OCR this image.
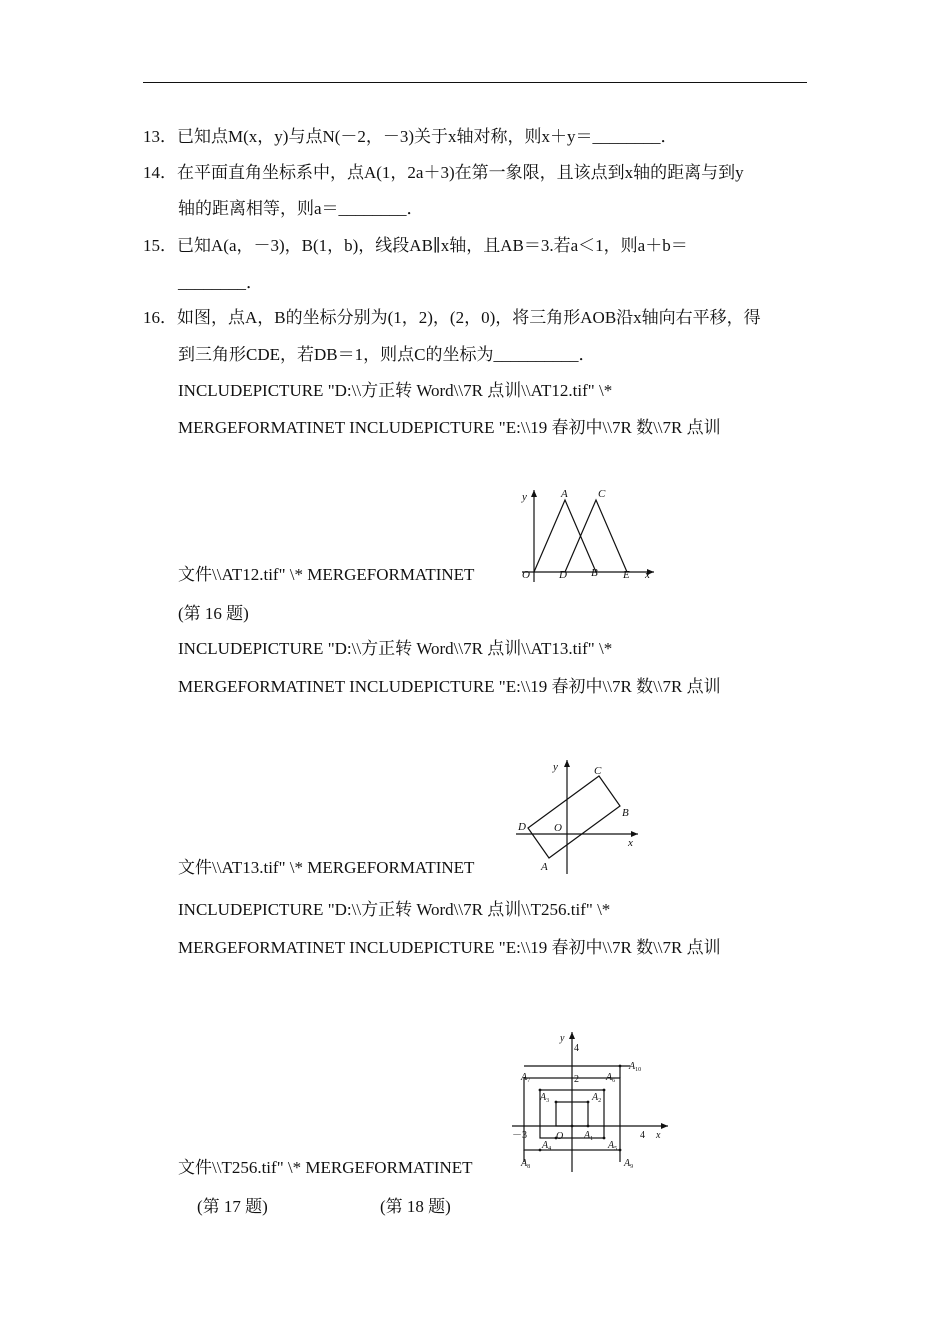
13．已知点M(x，y)与点N(－2，－3)关于x轴对称，则x＋y＝________．
14．在平面直角坐标系中，点A(1，2a＋3)在第一象限，且该点到x轴的距离与到y
轴的距离相等，则a＝________．
15．已知A(a，－3)，B(1，b)，线段AB∥x轴，且AB＝3.若a＜1，则a＋b＝
________．
16．如图，点A，B的坐标分别为(1，2)，(2，0)，将三角形AOB沿x轴向右平移，得
到三角形CDE，若DB＝1，则点C的坐标为__________．
INCLUDEPICTURE "D:\\方正转 Word\\7R 点训\\AT12.tif" \*
MERGEFORMATINET INCLUDEPICTURE "E:\\19 春初中\\7R 数\\7R 点训
文件\\AT12.tif" \* MERGEFORMATINET
y	A	C
O	D B E x
(第 16 题)
INCLUDEPICTURE "D:\\方正转 Word\\7R 点训\\AT13.tif" \*
MERGEFORMATINET INCLUDEPICTURE "E:\\19 春初中\\7R 数\\7R 点训
文件\\AT13.tif" \* MERGEFORMATINET
y	C
B
D	O
A
x
INCLUDEPICTURE "D:\\方正转 Word\\7R 点训\\T256.tif" \*
MERGEFORMATINET INCLUDEPICTURE "E:\\19 春初中\\7R 数\\7R 点训
文件\\T256.tif" \* MERGEFORMATINET
y
4
2
－3	4 x
O $A_1$
$A_2$
$A_3$
$A_4$	$A_5$
$A_6$
$A_7$
$A_8$	$A_9$
$A_{10}$
(第 17 题)	(第 18 题)
